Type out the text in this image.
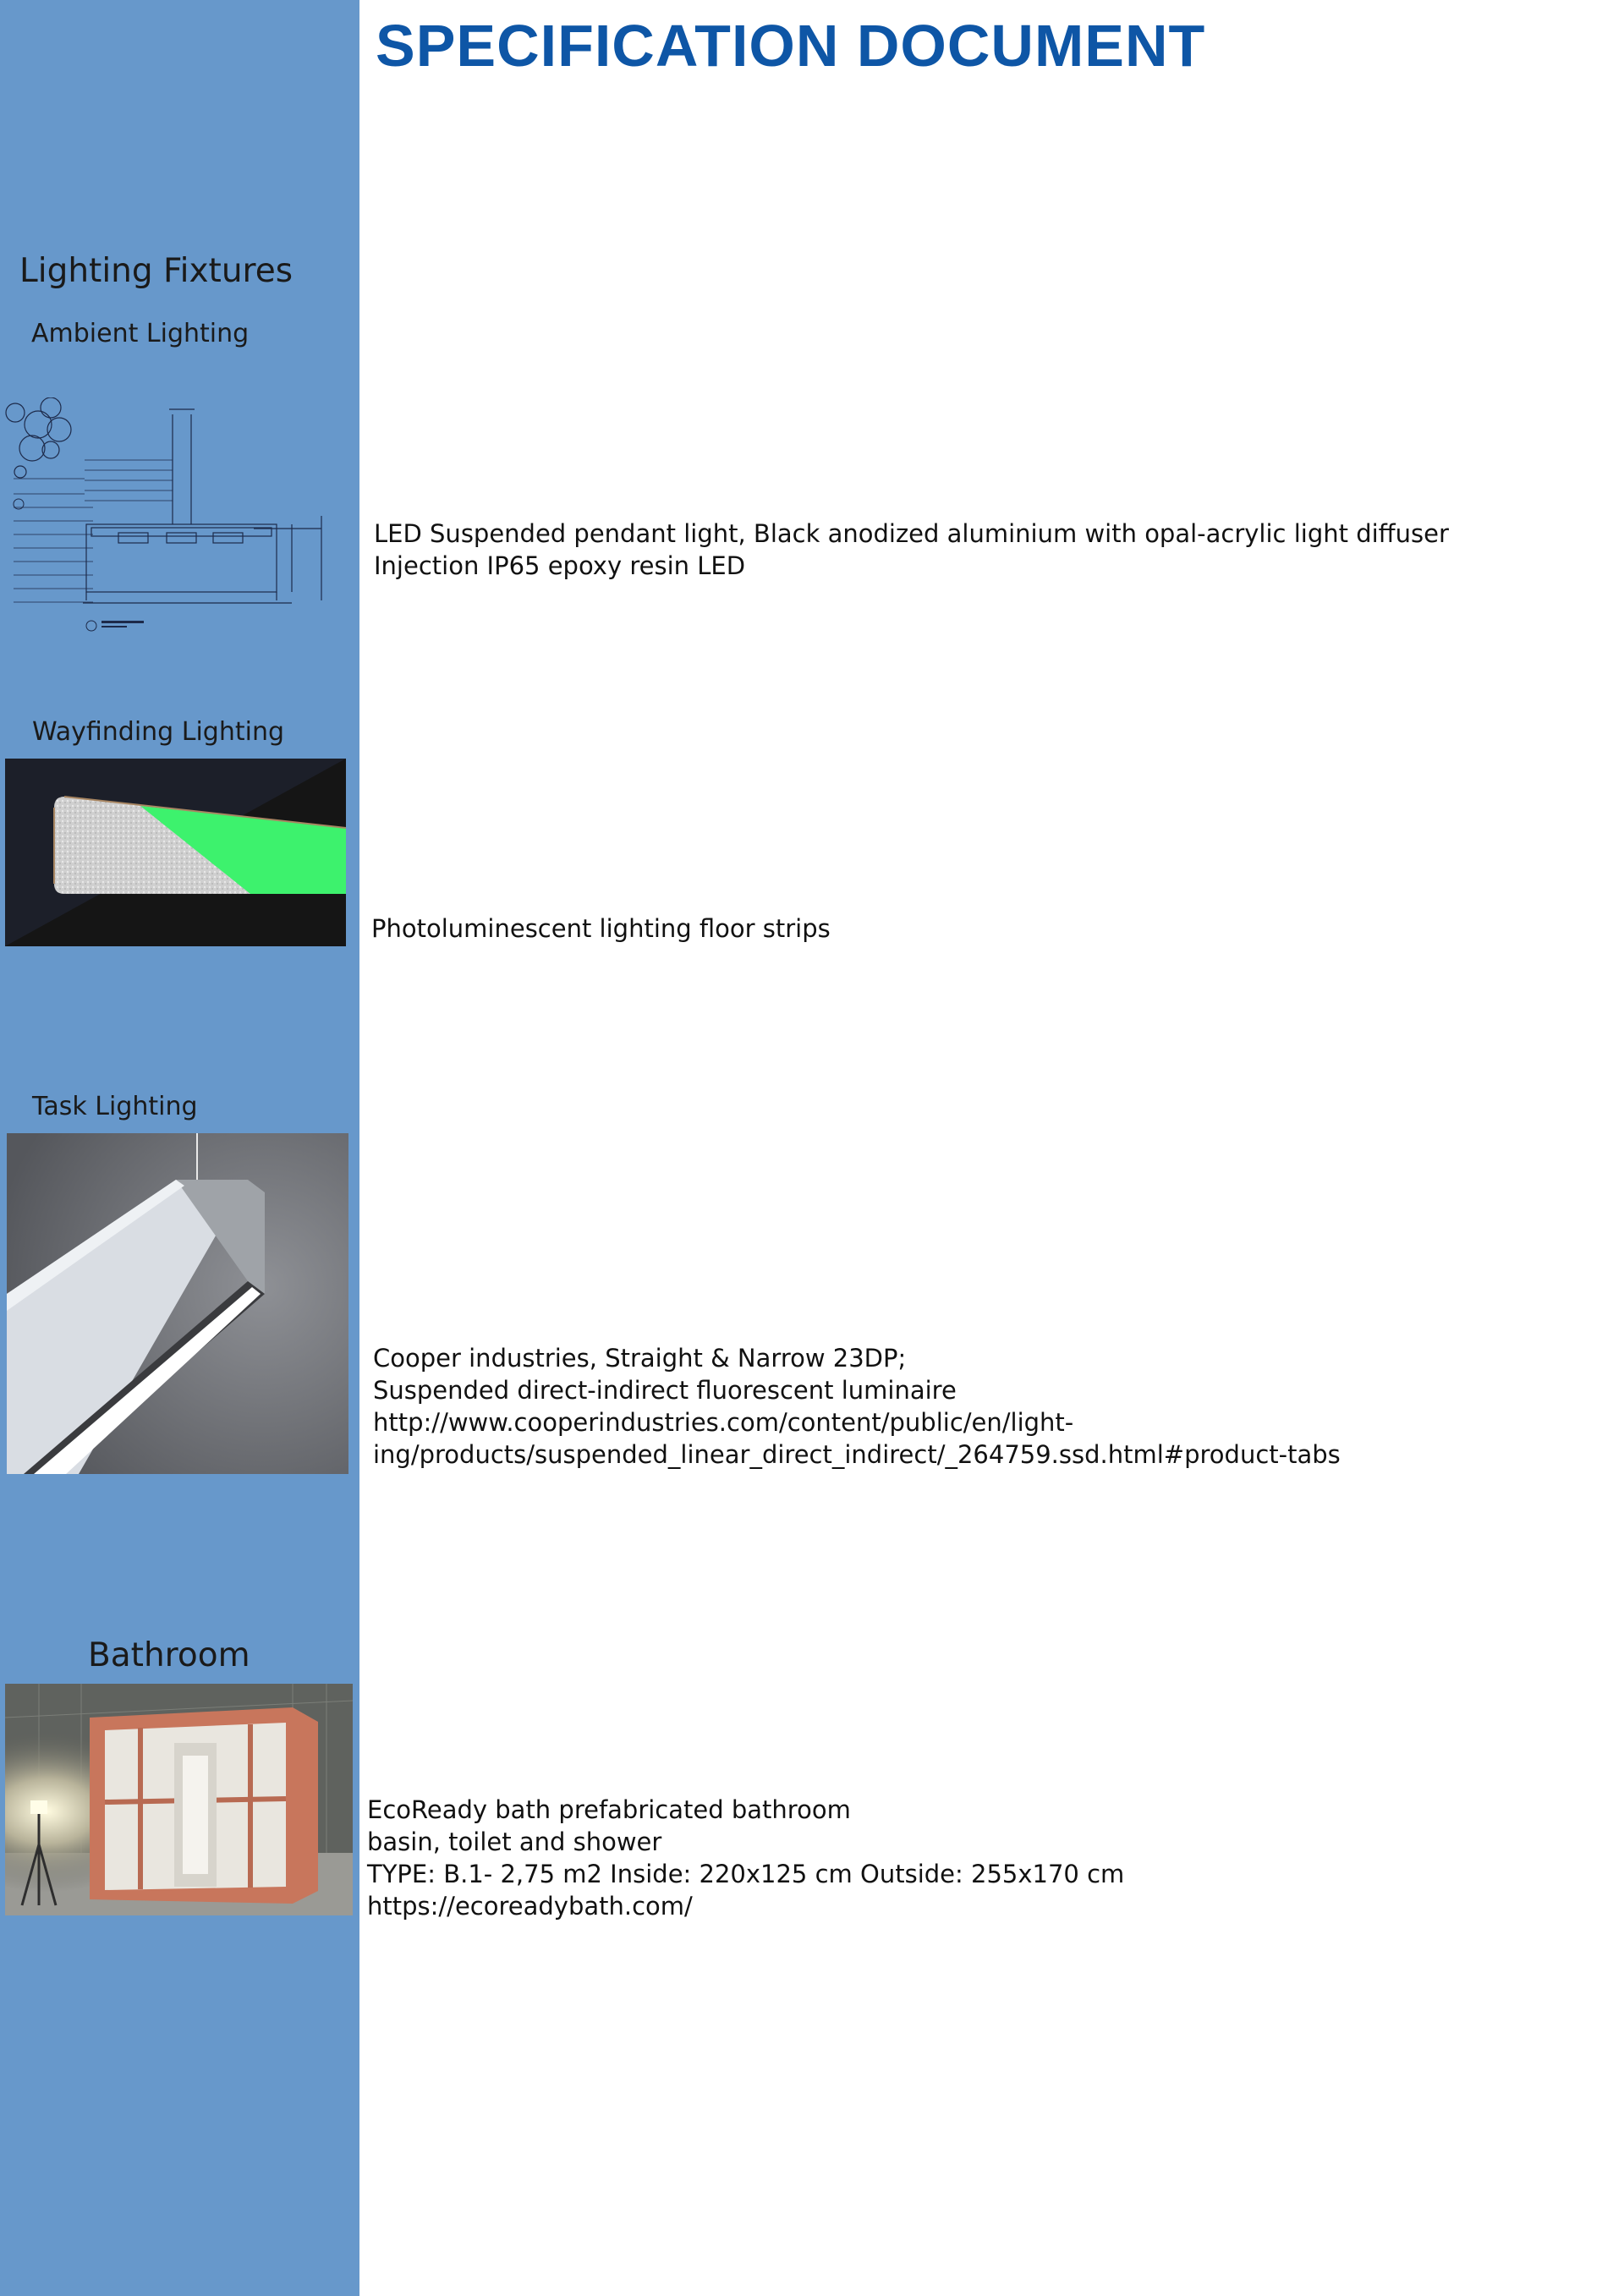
SPECIFICATION DOCUMENT
Lighting Fixtures
Ambient Lighting
Wayfinding Lighting
Task Lighting
Bathroom
LED Suspended pendant light, Black anodized aluminium with opal-acrylic light diffuser
Injection IP65 epoxy resin LED
Photoluminescent lighting floor strips
Cooper industries, Straight & Narrow 23DP;
Suspended direct-indirect fluorescent luminaire
http://www.cooperindustries.com/content/public/en/light-
ing/products/suspended_linear_direct_indirect/_264759.ssd.html#product-tabs
EcoReady bath prefabricated bathroom
basin, toilet and shower
TYPE: B.1- 2,75 m2 Inside: 220x125 cm Outside: 255x170 cm
https://ecoreadybath.com/
